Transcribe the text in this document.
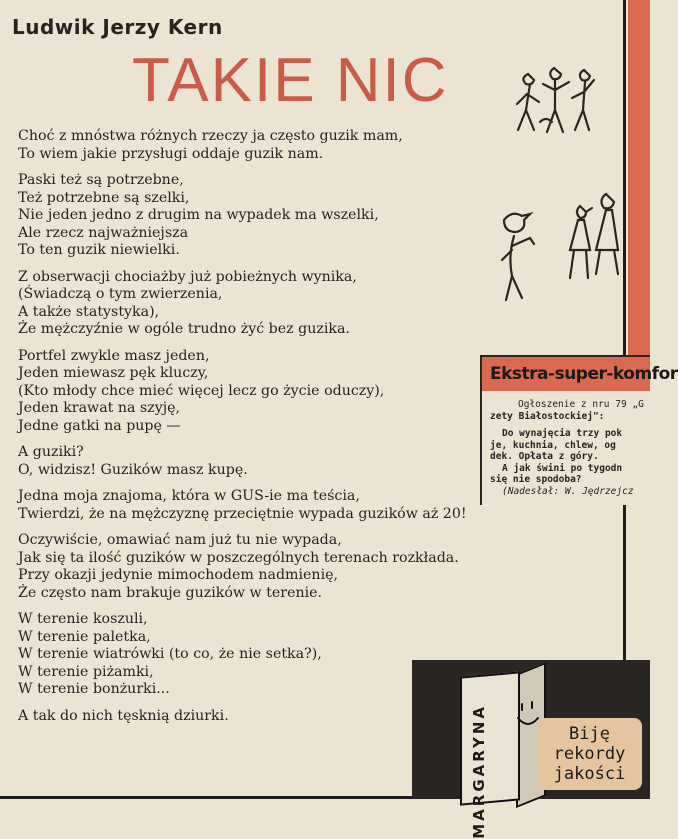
Ludwik Jerzy Kern
TAKIE NIC

Choć z mnóstwa różnych rzeczy ja często guzik mam,
To wiem jakie przysługi oddaje guzik nam.

Paski też są potrzebne,
Też potrzebne są szelki,
Nie jeden jedno z drugim na wypadek ma wszelki,
Ale rzecz najważniejsza
To ten guzik niewielki.

Z obserwacji chociażby już pobieżnych wynika,
(Świadczą o tym zwierzenia,
A także statystyka),
Że mężczyźnie w ogóle trudno żyć bez guzika.

Portfel zwykle masz jeden,
Jeden miewasz pęk kluczy,
(Kto młody chce mieć więcej lecz go życie oduczy),
Jeden krawat na szyję,
Jedne gatki na pupę —

A guziki?
O, widzisz! Guzików masz kupę.

Jedna moja znajoma, która w GUS-ie ma teścia,
Twierdzi, że na mężczyznę przeciętnie wypada guzików aż 20!

Oczywiście, omawiać nam już tu nie wypada,
Jak się ta ilość guzików w poszczególnych terenach rozkłada.
Przy okazji jedynie mimochodem nadmienię,
Że często nam brakuje guzików w terenie.

W terenie koszuli,
W terenie paletka,
W terenie wiatrówki (to co, że nie setka?),
W terenie piżamki,
W terenie bonżurki...

A tak do nich tęsknią dziurki.

Ekstra-super-komfor
Ogłoszenie z nru 79 „G
zety Białostockiej":
Do wynajęcia trzy pok
je, kuchnia, chlew, og
dek. Opłata z góry.
A jak świni po tygodn
się nie spodoba?
(Nadesłał: W. Jędrzejcz
MARGARYNA	Biję
rekordy
jakości
